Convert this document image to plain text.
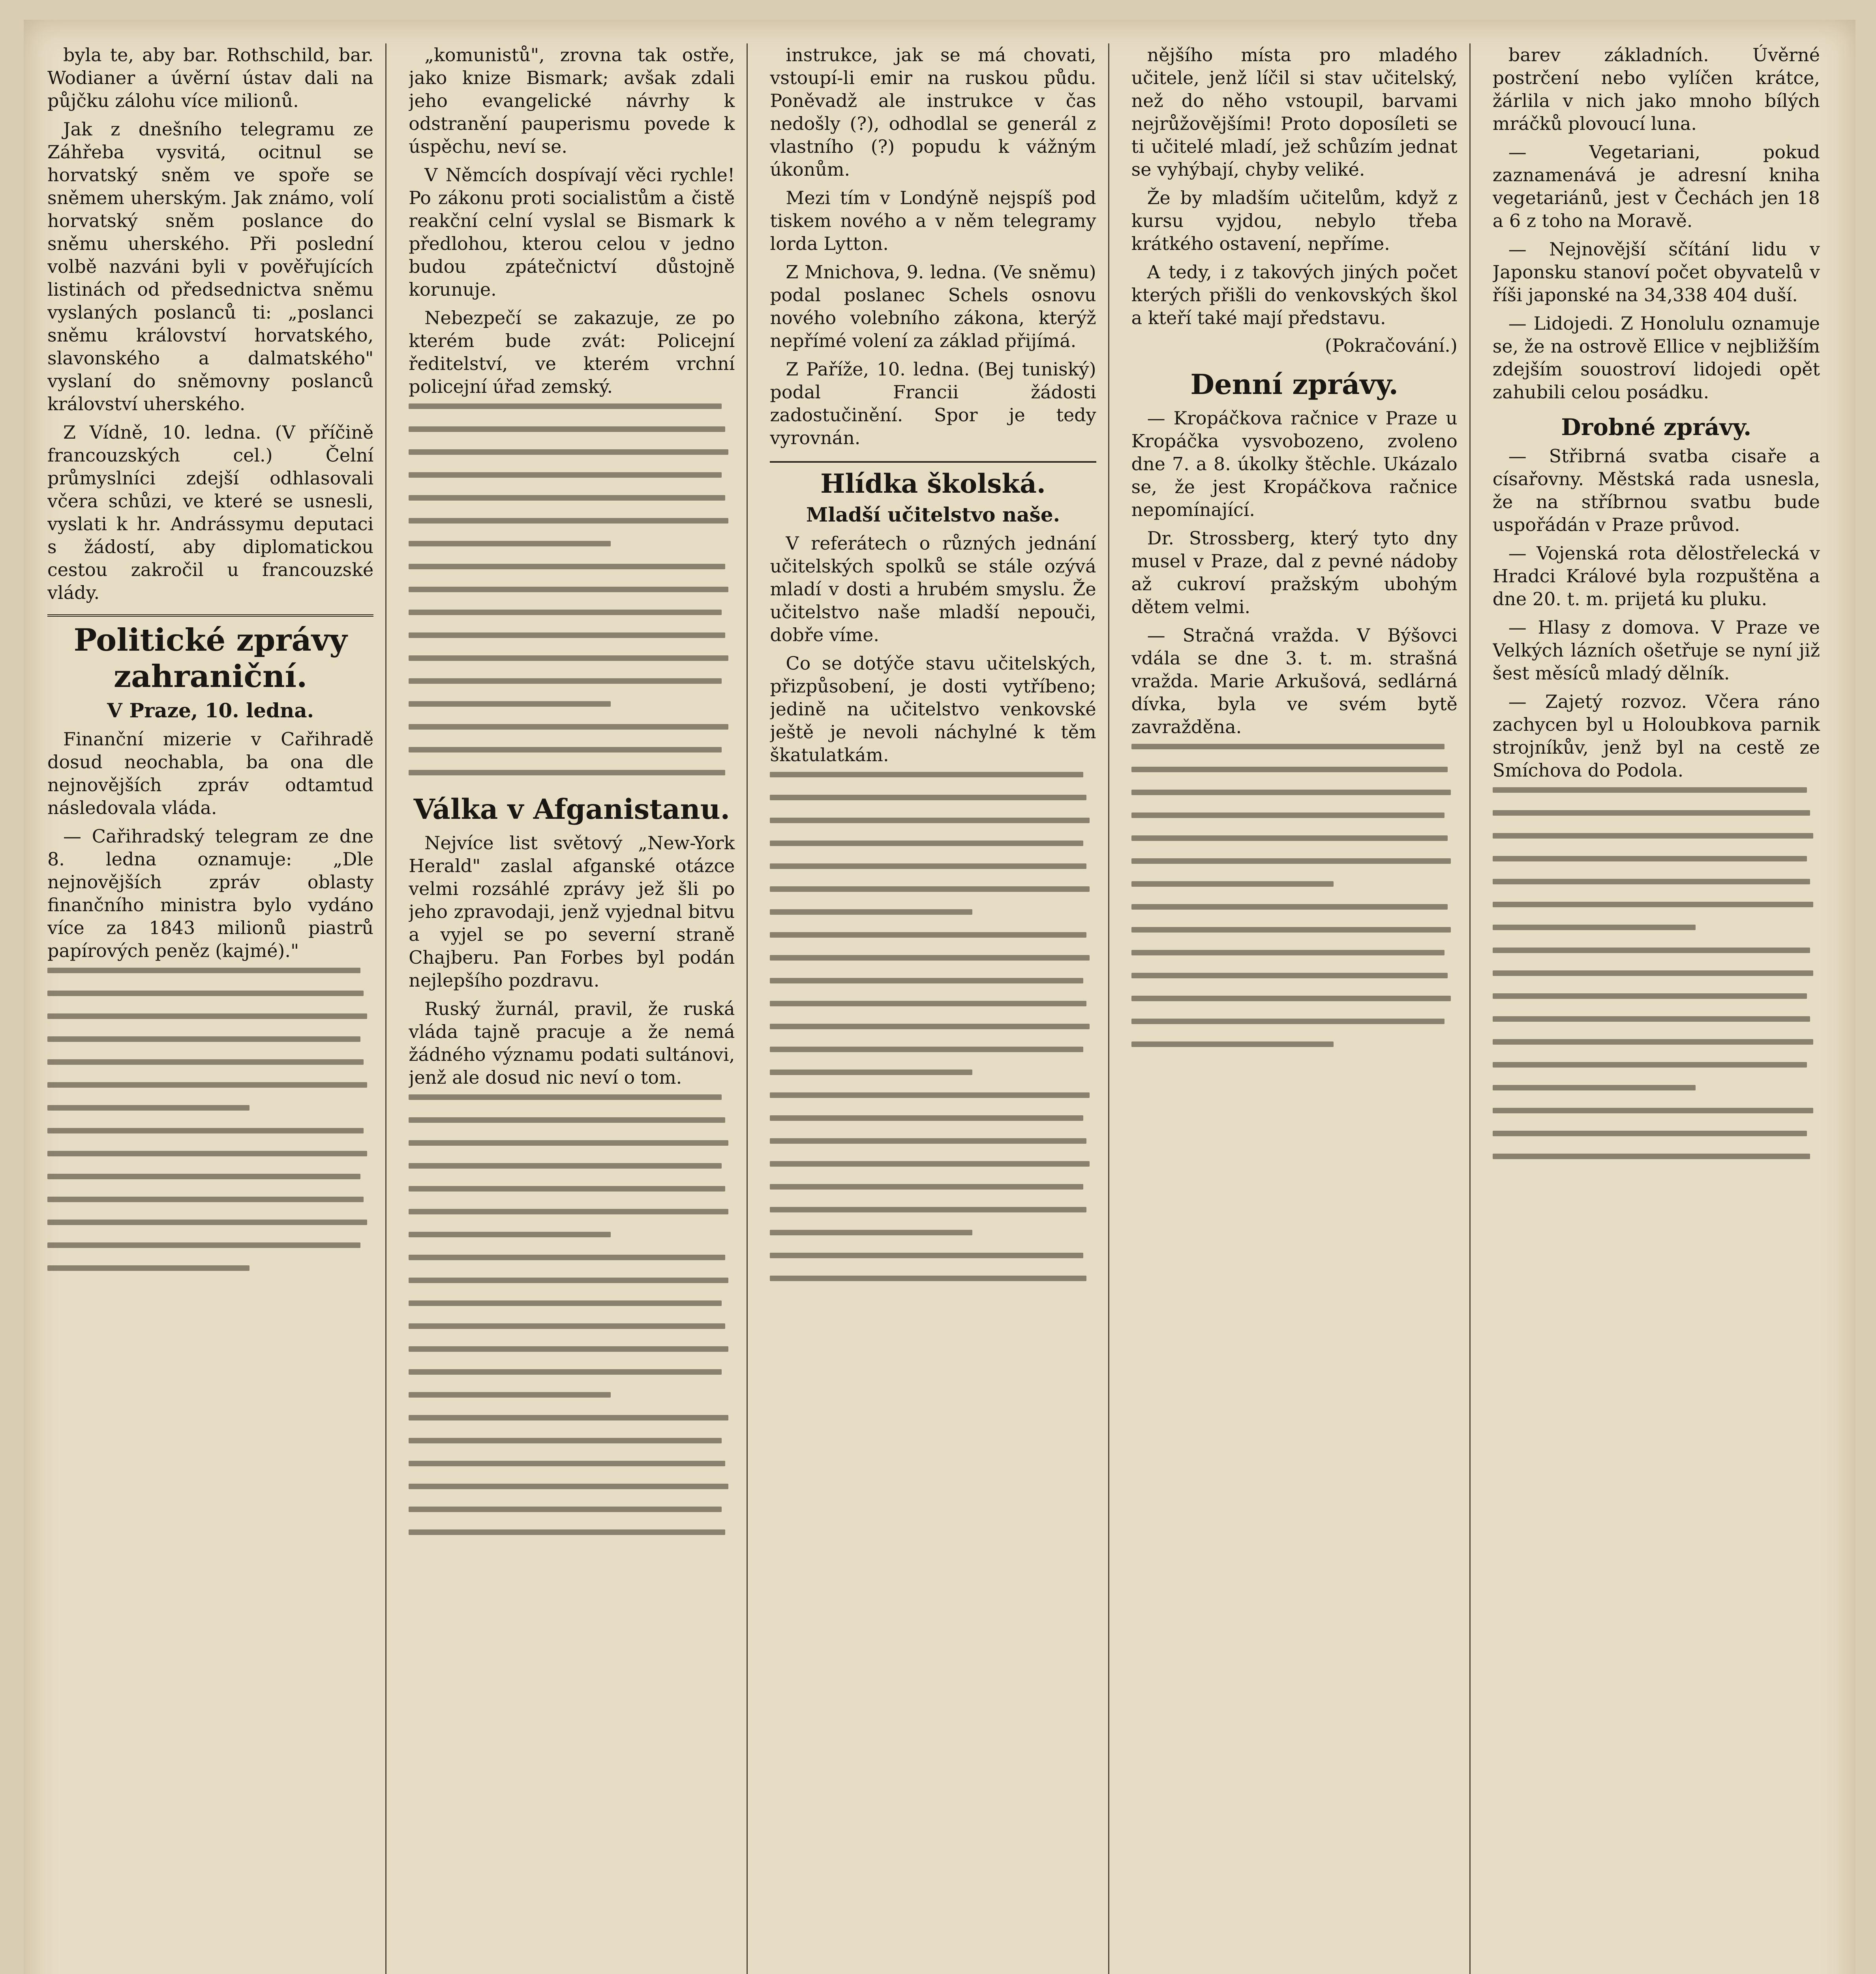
byla te, aby bar. Rothschild, bar. Wodianer a úvěrní ústav dali na půjčku zálohu více milionů.

Jak z dnešního telegramu ze Záhřeba vysvitá, ocitnul se horvatský sněm ve spoře se sněmem uherským. Jak známo, volí horvatský sněm poslance do sněmu uherského. Při poslední volbě nazváni byli v pověřujících listinách od předsednictva sněmu vyslaných poslanců ti: „poslanci sněmu království horvatského, slavonského a dalmatského" vyslaní do sněmovny poslanců království uherského.

Z Vídně, 10. ledna. (V příčině francouzských cel.) Čelní průmyslníci zdejší odhlasovali včera schůzi, ve které se usnesli, vyslati k hr. Andrássymu deputaci s žádostí, aby diplomatickou cestou zakročil u francouzské vlády.

Politické zprávy zahraniční.
V Praze, 10. ledna.

Finanční mizerie v Cařihradě dosud neochabla, ba ona dle nejnovějších zpráv odtamtud následovala vláda.

— Cařihradský telegram ze dne 8. ledna oznamuje: „Dle nejnovějších zpráv oblasty finančního ministra bylo vydáno více za 1843 milionů piastrů papírových peněz (kajmé)."

„komunistů", zrovna tak ostře, jako knize Bismark; avšak zdali jeho evangelické návrhy k odstranění pauperismu povede k úspěchu, neví se.

V Němcích dospívají věci rychle! Po zákonu proti socialistům a čistě reakční celní vyslal se Bismark k předlohou, kterou celou v jedno budou zpátečnictví důstojně korunuje.

Nebezpečí se zakazuje, ze po kterém bude zvát: Policejní ředitelství, ve kterém vrchní policejní úřad zemský.

Válka v Afganistanu.

Nejvíce list světový „New-York Herald" zaslal afganské otázce velmi rozsáhlé zprávy jež šli po jeho zpravodaji, jenž vyjednal bitvu a vyjel se po severní straně Chajberu. Pan Forbes byl podán nejlepšího pozdravu.

Ruský žurnál, pravil, že ruská vláda tajně pracuje a že nemá žádného významu podati sultánovi, jenž ale dosud nic neví o tom.

instrukce, jak se má chovati, vstoupí-li emir na ruskou půdu. Poněvadž ale instrukce v čas nedošly (?), odhodlal se generál z vlastního (?) popudu k vážným úkonům.

Mezi tím v Londýně nejspíš pod tiskem nového a v něm telegramy lorda Lytton.

Z Mnichova, 9. ledna. (Ve sněmu) podal poslanec Schels osnovu nového volebního zákona, kterýž nepřímé volení za základ přijímá.

Z Paříže, 10. ledna. (Bej tuniský) podal Francii žádosti zadostučinění. Spor je tedy vyrovnán.

Hlídka školská.
Mladší učitelstvo naše.

V referátech o různých jednání učitelských spolků se stále ozývá mladí v dosti a hrubém smyslu. Že učitelstvo naše mladší nepouči, dobře víme.

Co se dotýče stavu učitelských, přizpůsobení, je dosti vytříbeno; jedině na učitelstvo venkovské ještě je nevoli náchylné k těm škatulatkám.

nějšího místa pro mladého učitele, jenž líčil si stav učitelský, než do něho vstoupil, barvami nejrůžovějšími! Proto doposíleti se ti učitelé mladí, jež schůzím jednat se vyhýbají, chyby veliké.

Že by mladším učitelům, když z kursu vyjdou, nebylo třeba krátkého ostavení, nepříme.

A tedy, i z takových jiných počet kterých přišli do venkovských škol a kteří také mají představu.

(Pokračování.)
Denní zprávy.

— Kropáčkova račnice v Praze u Kropáčka vysvobozeno, zvoleno dne 7. a 8. úkolky štěchle. Ukázalo se, že jest Kropáčkova račnice nepomínající.

Dr. Strossberg, který tyto dny musel v Praze, dal z pevné nádoby až cukroví pražským ubohým dětem velmi.

— Stračná vražda. V Býšovci vdála se dne 3. t. m. strašná vražda. Marie Arkušová, sedlárná dívka, byla ve svém bytě zavražděna.

barev základních. Úvěrné postrčení nebo vylíčen krátce, žárlila v nich jako mnoho bílých mráčků plovoucí luna.

— Vegetariani, pokud zaznamenává je adresní kniha vegetariánů, jest v Čechách jen 18 a 6 z toho na Moravě.

— Nejnovější sčítání lidu v Japonsku stanoví počet obyvatelů v říši japonské na 34,338 404 duší.

— Lidojedi. Z Honolulu oznamuje se, že na ostrově Ellice v nejbližším zdejším souostroví lidojedi opět zahubili celou posádku.

Drobné zprávy.

— Střibrná svatba cisaře a císařovny. Městská rada usnesla, že na stříbrnou svatbu bude uspořádán v Praze průvod.

— Vojenská rota dělostřelecká v Hradci Králové byla rozpuštěna a dne 20. t. m. prijetá ku pluku.

— Hlasy z domova. V Praze ve Velkých lázních ošetřuje se nyní již šest měsíců mladý dělník.

— Zajetý rozvoz. Včera ráno zachycen byl u Holoubkova parnik strojníkův, jenž byl na cestě ze Smíchova do Podola.
